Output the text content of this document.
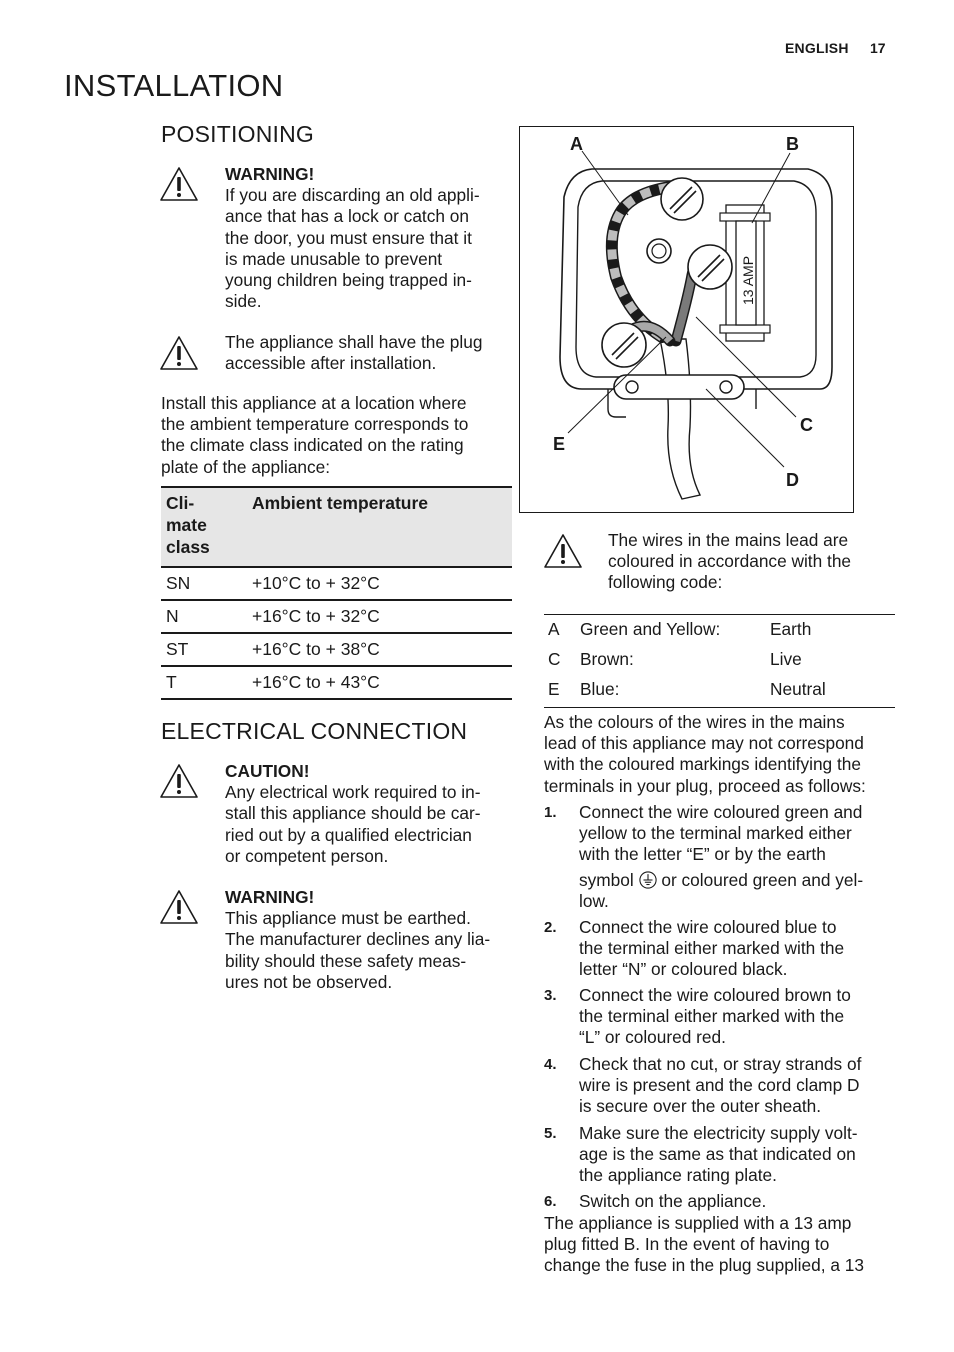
ENGLISH 17
INSTALLATION
POSITIONING
WARNING!
If you are discarding an old appli-
ance that has a lock or catch on
the door, you must ensure that it
is made unusable to prevent
young children being trapped in-
side.
The appliance shall have the plug
accessible after installation.
Install this appliance at a location where
the ambient temperature corresponds to
the climate class indicated on the rating
plate of the appliance:
Cli-
mate
class	Ambient temperature
SN	+10°C to + 32°C
N	+16°C to + 32°C
ST	+16°C to + 38°C
T	+16°C to + 43°C
ELECTRICAL CONNECTION
CAUTION!
Any electrical work required to in-
stall this appliance should be car-
ried out by a qualified electrician
or competent person.
WARNING!
This appliance must be earthed.
The manufacturer declines any lia-
bility should these safety meas-
ures not be observed.
A	B
C
D
E
13 AMP
The wires in the mains lead are
coloured in accordance with the
following code:
A	Green and Yellow:	Earth
C	Brown:	Live
E	Blue:	Neutral
As the colours of the wires in the mains
lead of this appliance may not correspond
with the coloured markings identifying the
terminals in your plug, proceed as follows:
1. Connect the wire coloured green and
yellow to the terminal marked either
with the letter “E” or by the earth
symbol or coloured green and yel-
low.
2. Connect the wire coloured blue to
the terminal either marked with the
letter “N” or coloured black.
3. Connect the wire coloured brown to
the terminal either marked with the
“L” or coloured red.
4. Check that no cut, or stray strands of
wire is present and the cord clamp D
is secure over the outer sheath.
5. Make sure the electricity supply volt-
age is the same as that indicated on
the appliance rating plate.
6. Switch on the appliance.
The appliance is supplied with a 13 amp
plug fitted B. In the event of having to
change the fuse in the plug supplied, a 13
